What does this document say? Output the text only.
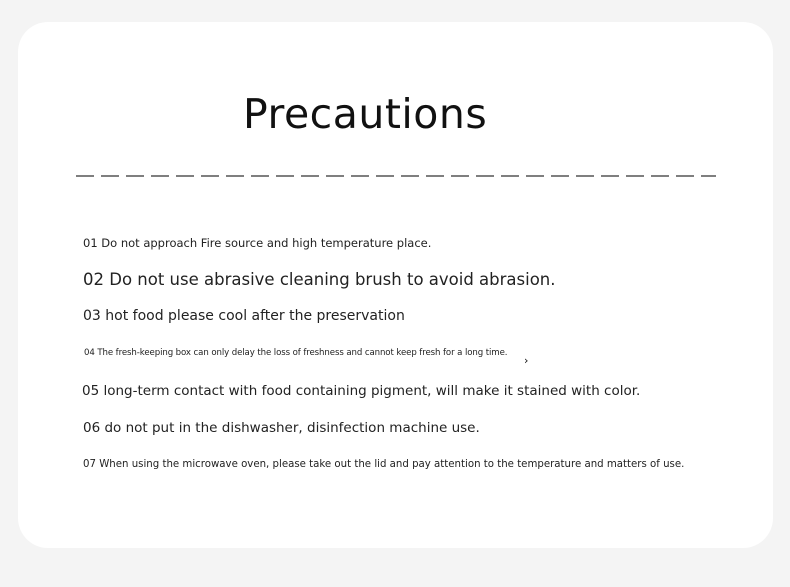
Precautions
01 Do not approach Fire source and high temperature place.
02 Do not use abrasive cleaning brush to avoid abrasion.
03 hot food please cool after the preservation
04 The fresh-keeping box can only delay the loss of freshness and cannot keep fresh for a long time.
›
05 long-term contact with food containing pigment, will make it stained with color.
06 do not put in the dishwasher, disinfection machine use.
07 When using the microwave oven, please take out the lid and pay attention to the temperature and matters of use.
